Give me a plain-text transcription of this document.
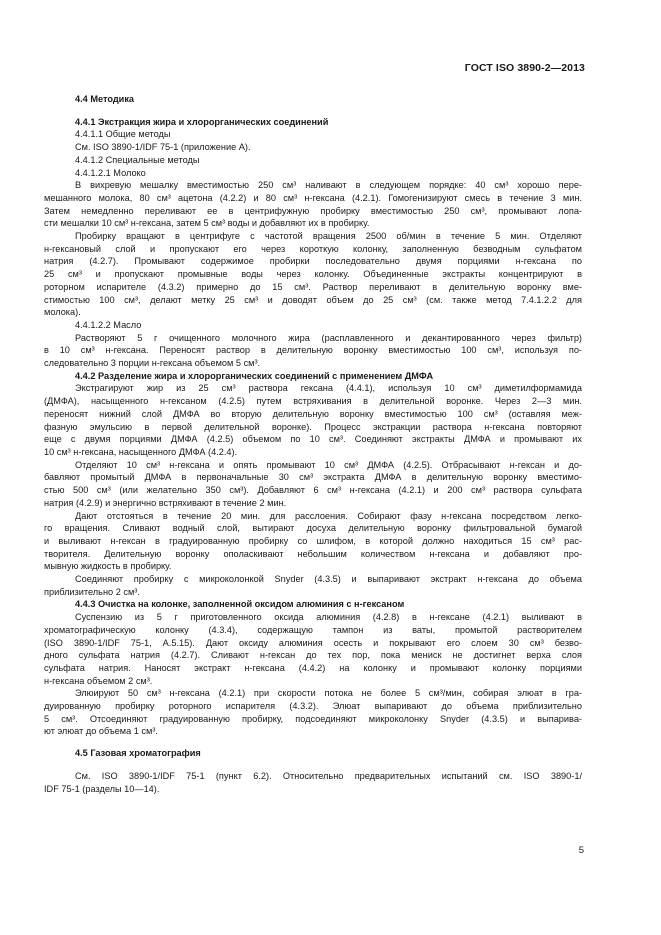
ГОСТ ISO 3890-2—2013

4.4 Методика

4.4.1 Экстракция жира и хлорорганических соединений

4.4.1.1 Общие методы

См. ISO 3890-1/IDF 75-1 (приложение А).

4.4.1.2 Специальные методы

4.4.1.2.1 Молоко

В вихревую мешалку вместимостью 250 см³ наливают в следующем порядке: 40 см³ хорошо пере-

мешанного молока, 80 см³ ацетона (4.2.2) и 80 см³ н-гексана (4.2.1). Гомогенизируют смесь в течение 3 мин.

Затем немедленно переливают ее в центрифужную пробирку вместимостью 250 см³, промывают лопа-

сти мешалки 10 см³ н-гексана, затем 5 см³ воды и добавляют их в пробирку.

Пробирку вращают в центрифуге с частотой вращения 2500 об/мин в течение 5 мин. Отделяют

н-гексановый слой и пропускают его через короткую колонку, заполненную безводным сульфатом

натрия (4.2.7). Промывают содержимое пробирки последовательно двумя порциями н-гексана по

25 см³ и пропускают промывные воды через колонку. Объединенные экстракты концентрируют в

роторном испарителе (4.3.2) примерно до 15 см³. Раствор переливают в делительную воронку вме-

стимостью 100 см³, делают метку 25 см³ и доводят объем до 25 см³ (см. также метод 7.4.1.2.2 для

молока).

4.4.1.2.2 Масло

Растворяют 5 г очищенного молочного жира (расплавленного и декантированного через фильтр)

в 10 см³ н-гексана. Переносят раствор в делительную воронку вместимостью 100 см³, используя по-

следовательно 3 порции н-гексана объемом 5 см³.

4.4.2 Разделение жира и хлорорганических соединений с применением ДМФА

Экстрагируют жир из 25 см³ раствора гексана (4.4.1), используя 10 см³ диметилформамида

(ДМФА), насыщенного н-гексаном (4.2.5) путем встряхивания в делительной воронке. Через 2—3 мин.

переносят нижний слой ДМФА во вторую делительную воронку вместимостью 100 см³ (оставляя меж-

фазную эмульсию в первой делительной воронке). Процесс экстракции раствора н-гексана повторяют

еще с двумя порциями ДМФА (4.2.5) объемом по 10 см³. Соединяют экстракты ДМФА и промывают их

10 см³ н-гексана, насыщенного ДМФА (4.2.4).

Отделяют 10 см³ н-гексана и опять промывают 10 см³ ДМФА (4.2.5). Отбрасывают н-гексан и до-

бавляют промытый ДМФА в первоначальные 30 см³ экстракта ДМФА в делительную воронку вместимо-

стью 500 см³ (или желательно 350 см³). Добавляют 6 см³ н-гексана (4.2.1) и 200 см³ раствора сульфата

натрия (4.2.9) и энергично встряхивают в течение 2 мин.

Дают отстояться в течение 20 мин. для расслоения. Собирают фазу н-гексана посредством легко-

го вращения. Сливают водный слой, вытирают досуха делительную воронку фильтровальной бумагой

и выливают н-гексан в градуированную пробирку со шлифом, в которой должно находиться 15 см³ рас-

творителя. Делительную воронку ополаскивают небольшим количеством н-гексана и добавляют про-

мывную жидкость в пробирку.

Соединяют пробирку с микроколонкой Snyder (4.3.5) и выпаривают экстракт н-гексана до объема

приблизительно 2 см³.

4.4.3 Очистка на колонке, заполненной оксидом алюминия с н-гексаном

Суспензию из 5 г приготовленного оксида алюминия (4.2.8) в н-гексане (4.2.1) выливают в

хроматографическую колонку (4.3.4), содержащую тампон из ваты, промытой растворителем

(ISO 3890-1/IDF 75-1, А.5.15). Дают оксиду алюминия осесть и покрывают его слоем 30 см³ безво-

дного сульфата натрия (4.2.7). Сливают н-гексан до тех пор, пока мениск не достигнет верха слоя

сульфата натрия. Наносят экстракт н-гексана (4.4.2) на колонку и промывают колонку порциями

н-гексана объемом 2 см³.

Элюируют 50 см³ н-гексана (4.2.1) при скорости потока не более 5 см³/мин, собирая элюат в гра-

дуированную пробирку роторного испарителя (4.3.2). Элюат выпаривают до объема приблизительно

5 см³. Отсоединяют градуированную пробирку, подсоединяют микроколонку Snyder (4.3.5) и выпарива-

ют элюат до объема 1 см³.

4.5 Газовая хроматография

См. ISO 3890-1/IDF 75-1 (пункт 6.2). Относительно предварительных испытаний см. ISO 3890-1/

IDF 75-1 (разделы 10—14).

5
